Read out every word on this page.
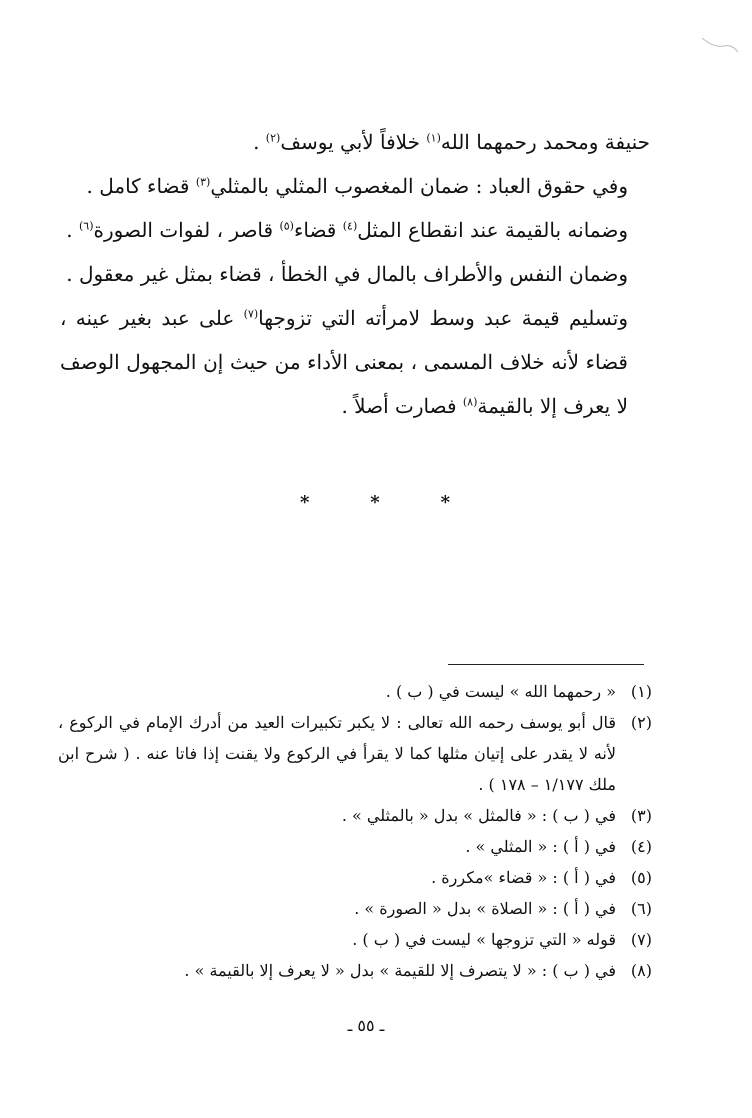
حنيفة ومحمد رحمهما الله$^{(١)}$ خلافاً لأبي يوسف$^{(٢)}$ .

وفي حقوق العباد : ضمان المغصوب المثلي بالمثلي$^{(٣)}$ قضاء كامل .

وضمانه بالقيمة عند انقطاع المثل$^{(٤)}$ قضاء$^{(٥)}$ قاصر ، لفوات الصورة$^{(٦)}$ .

وضمان النفس والأطراف بالمال في الخطأ ، قضاء بمثل غير معقول .

وتسليم قيمة عبد وسط لامرأته التي تزوجها$^{(٧)}$ على عبد بغير عينه ، قضاء لأنه خلاف المسمى ، بمعنى الأداء من حيث إن المجهول الوصف لا يعرف إلا بالقيمة$^{(٨)}$ فصارت أصلاً .

*	*	*
(١)
« رحمهما الله » ليست في ( ب ) .
(٢)
قال أبو يوسف رحمه الله تعالى : لا يكبر تكبيرات العيد من أدرك الإمام في الركوع ، لأنه لا يقدر على إتيان مثلها كما لا يقرأ في الركوع ولا يقنت إذا فاتا عنه . ( شرح ابن ملك ١/١٧٧ – ١٧٨ ) .
(٣)
في ( ب ) : « فالمثل » بدل « بالمثلي » .
(٤)
في ( أ ) : « المثلي » .
(٥)
في ( أ ) : « قضاء »مكررة .
(٦)
في ( أ ) : « الصلاة » بدل « الصورة » .
(٧)
قوله « التي تزوجها » ليست في ( ب ) .
(٨)
في ( ب ) : « لا يتصرف إلا للقيمة » بدل « لا يعرف إلا بالقيمة » .
ـ ٥٥ ـ
